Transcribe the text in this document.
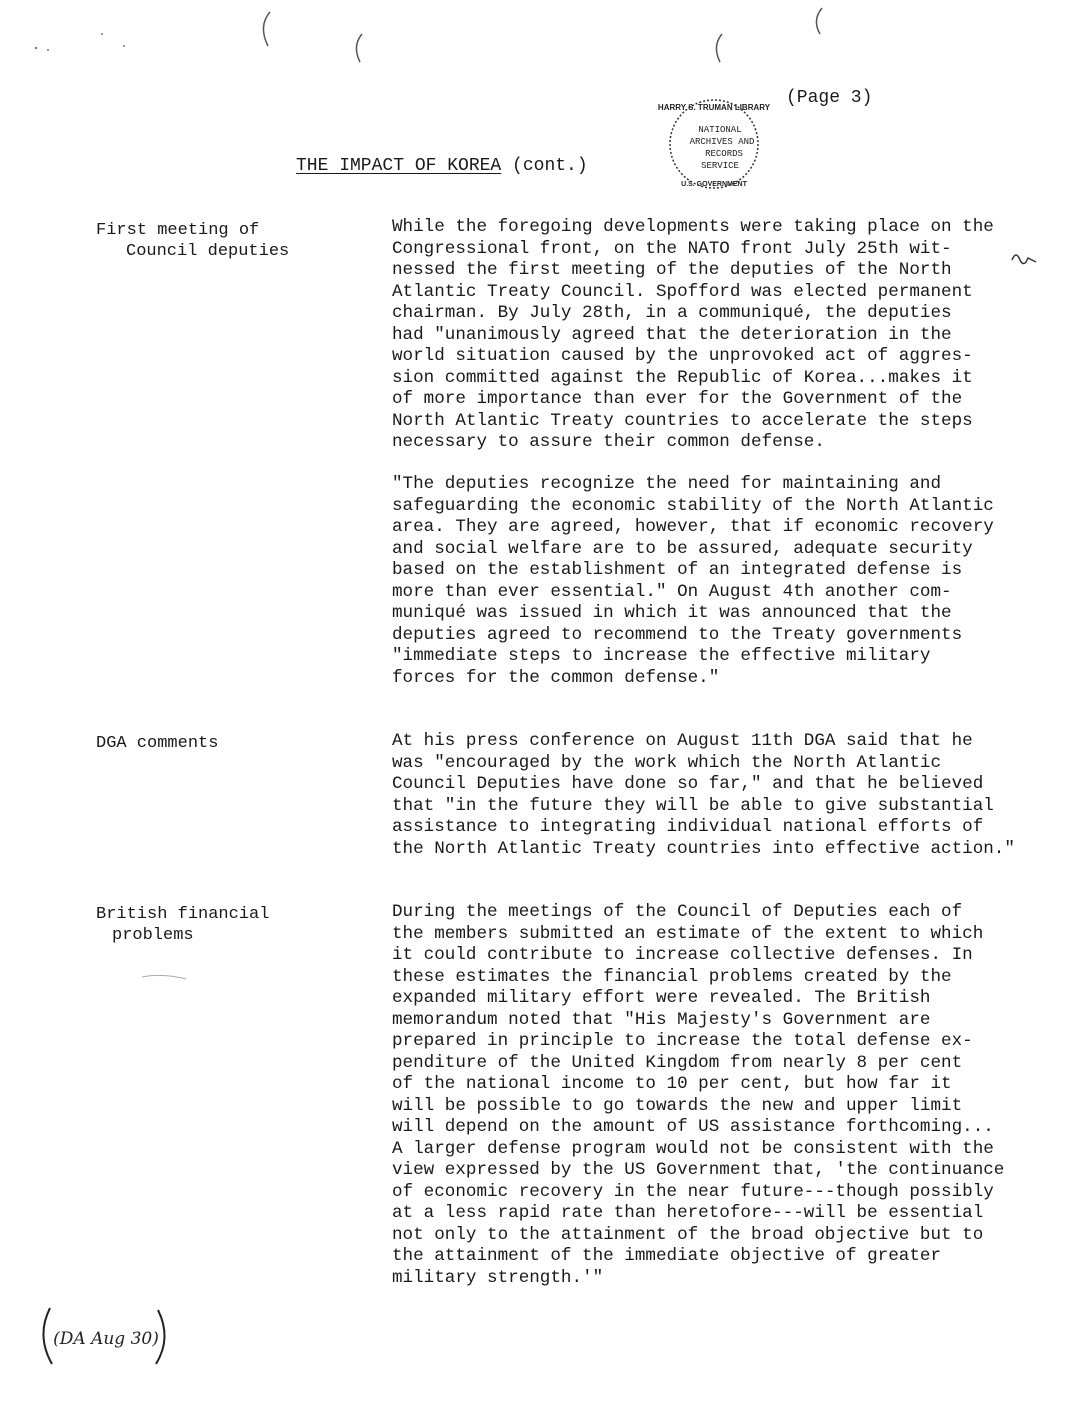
(Page 3)
THE IMPACT OF KOREA (cont.)
HARRY S. TRUMAN LIBRARY
NATIONAL
ARCHIVES AND
RECORDS
SERVICE
U.S. GOVERNMENT
First meeting of
Council deputies
While the foregoing developments were taking place on the
Congressional front, on the NATO front July 25th wit-
nessed the first meeting of the deputies of the North
Atlantic Treaty Council. Spofford was elected permanent
chairman. By July 28th, in a communiqué, the deputies
had "unanimously agreed that the deterioration in the
world situation caused by the unprovoked act of aggres-
sion committed against the Republic of Korea...makes it
of more importance than ever for the Government of the
North Atlantic Treaty countries to accelerate the steps
necessary to assure their common defense.
"The deputies recognize the need for maintaining and
safeguarding the economic stability of the North Atlantic
area. They are agreed, however, that if economic recovery
and social welfare are to be assured, adequate security
based on the establishment of an integrated defense is
more than ever essential." On August 4th another com-
muniqué was issued in which it was announced that the
deputies agreed to recommend to the Treaty governments
"immediate steps to increase the effective military
forces for the common defense."
DGA comments	At his press conference on August 11th DGA said that he
was "encouraged by the work which the North Atlantic
Council Deputies have done so far," and that he believed
that "in the future they will be able to give substantial
assistance to integrating individual national efforts of
the North Atlantic Treaty countries into effective action."
British financial
problems
During the meetings of the Council of Deputies each of
the members submitted an estimate of the extent to which
it could contribute to increase collective defenses. In
these estimates the financial problems created by the
expanded military effort were revealed. The British
memorandum noted that "His Majesty's Government are
prepared in principle to increase the total defense ex-
penditure of the United Kingdom from nearly 8 per cent
of the national income to 10 per cent, but how far it
will be possible to go towards the new and upper limit
will depend on the amount of US assistance forthcoming...
A larger defense program would not be consistent with the
view expressed by the US Government that, 'the continuance
of economic recovery in the near future---though possibly
at a less rapid rate than heretofore---will be essential
not only to the attainment of the broad objective but to
the attainment of the immediate objective of greater
military strength.'"
(DA Aug 30)
